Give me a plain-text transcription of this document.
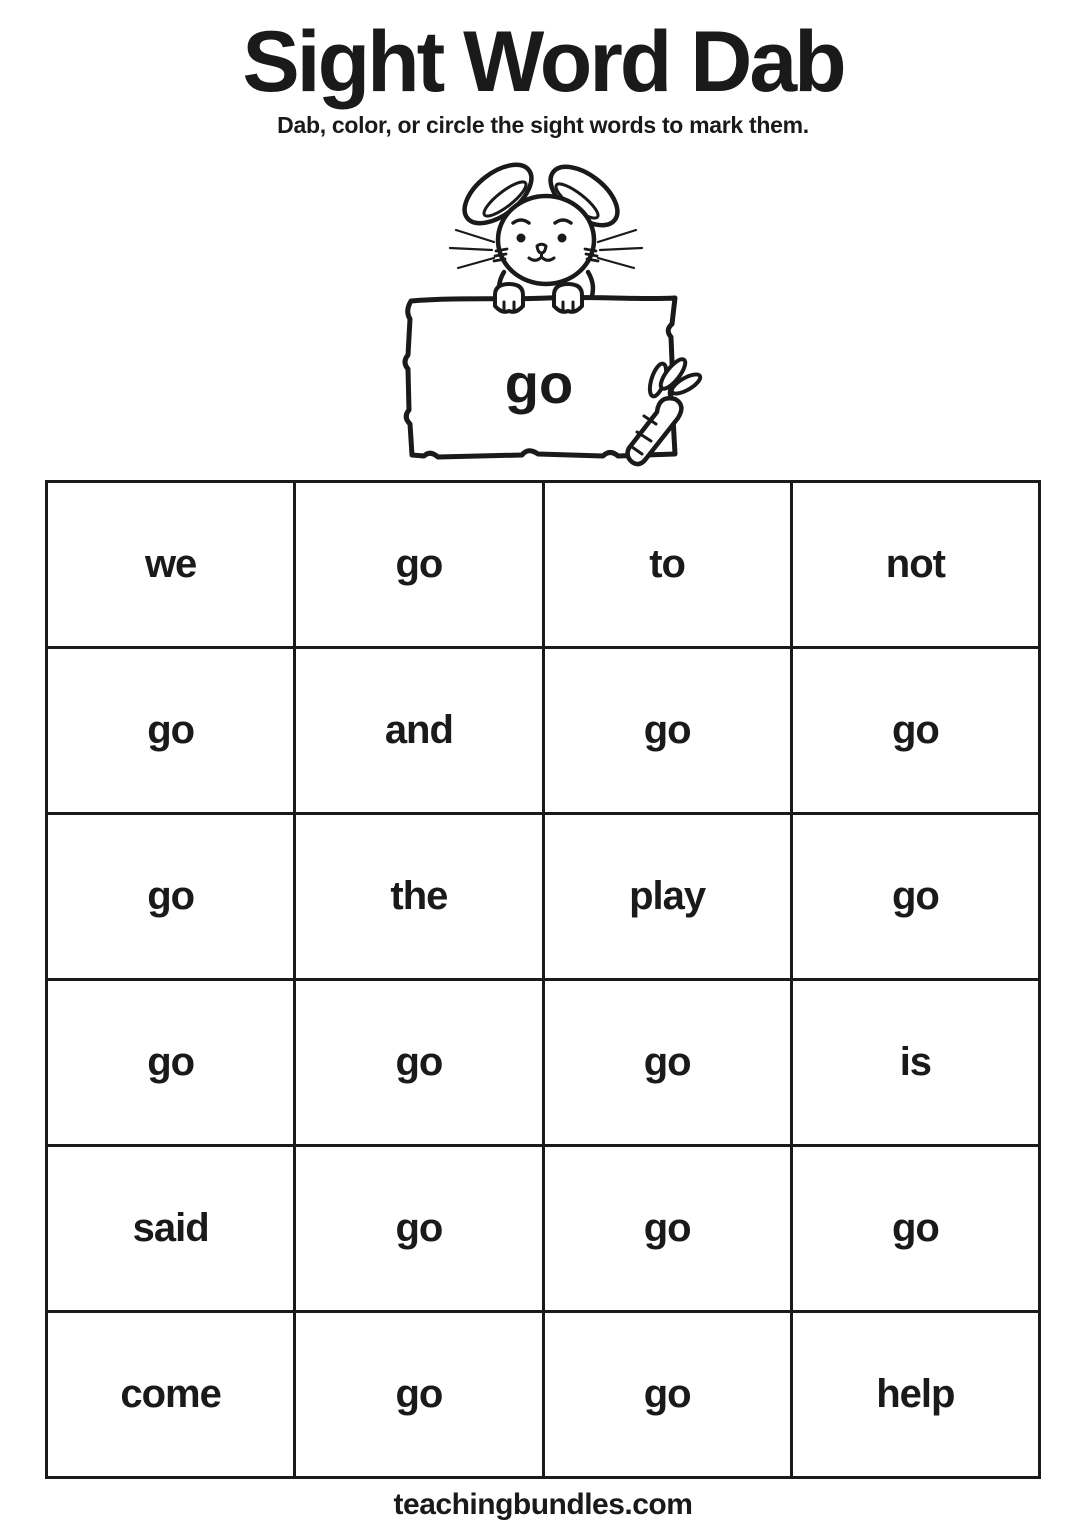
Sight Word Dab
Dab, color, or circle the sight words to mark them.
go
we	go	to	not
go	and	go	go
go	the	play	go
go	go	go	is
said	go	go	go
come	go	go	help
teachingbundles.com
